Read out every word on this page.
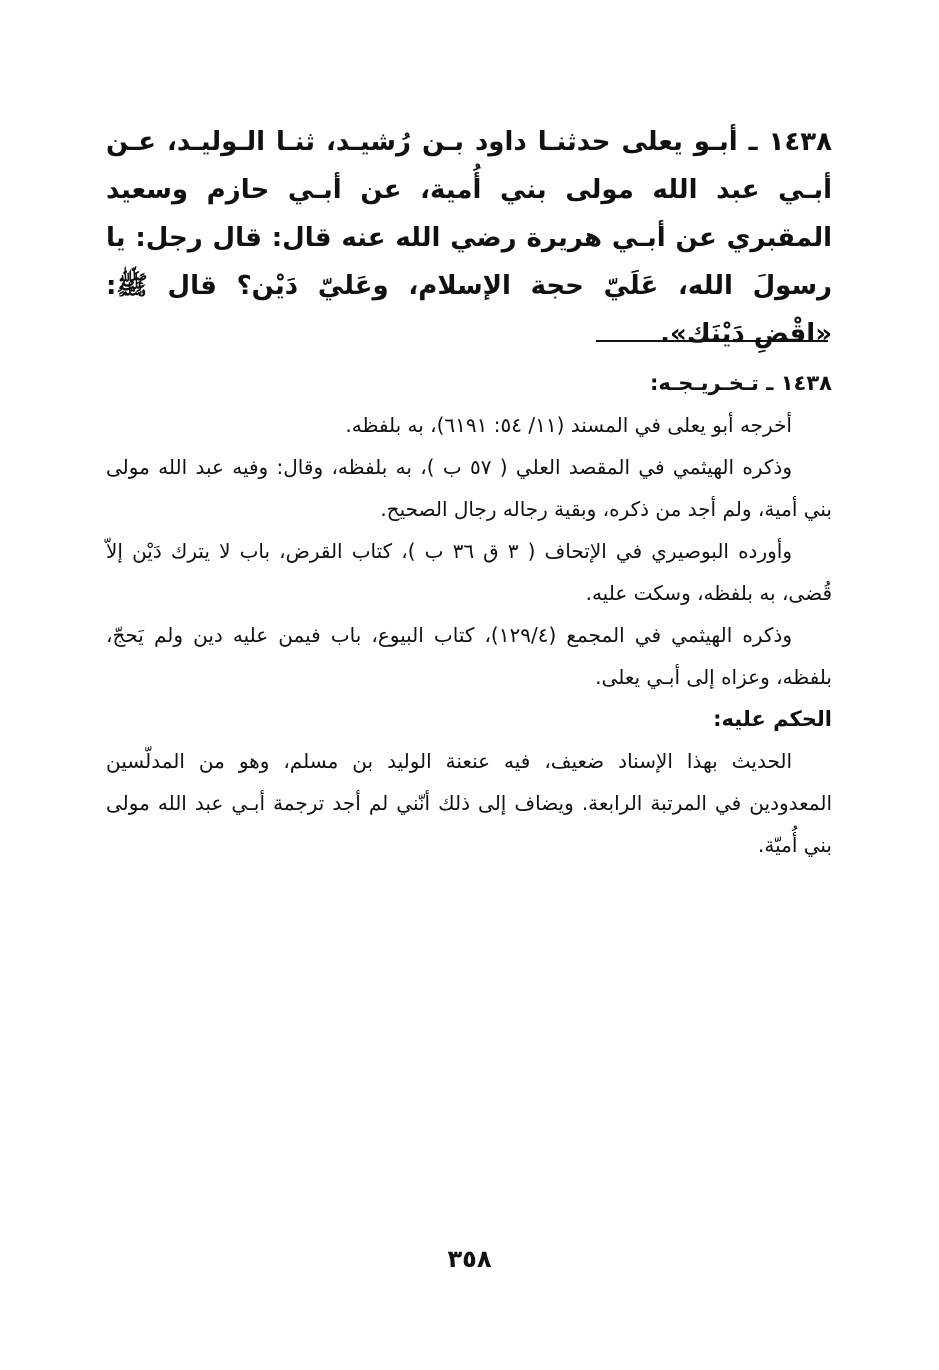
١٤٣٨ ـ أبـو يعلى حدثنـا داود بـن رُشيـد، ثنـا الـوليـد، عـن أبـي عبد الله مولى بني أُمية، عن أبـي حازم وسعيد المقبري عن أبـي هريرة رضي الله عنه قال: قال رجل: يا رسولَ الله، عَلَيّ حجة الإسلام، وعَليّ دَيْن؟ قال ﷺ: «اقْضِ دَيْنَك».

١٤٣٨ ـ تـخـريـجـه:

أخرجه أبو يعلى في المسند (١١/ ٥٤: ٦١٩١)، به بلفظه.

وذكره الهيثمي في المقصد العلي ( ٥٧ ب )، به بلفظه، وقال: وفيه عبد الله مولى بني أمية، ولم أجد من ذكره، وبقية رجاله رجال الصحيح.

وأورده البوصيري في الإتحاف ( ٣ ق ٣٦ ب )، كتاب القرض، باب لا يترك دَيْن إلاّ قُضى، به بلفظه، وسكت عليه.

وذكره الهيثمي في المجمع (١٢٩/٤)، كتاب البيوع، باب فيمن عليه دين ولم يَحجّ، بلفظه، وعزاه إلى أبـي يعلى.

الحكم عليه:

الحديث بهذا الإسناد ضعيف، فيه عنعنة الوليد بن مسلم، وهو من المدلّسين المعدودين في المرتبة الرابعة. ويضاف إلى ذلك أنّني لم أجد ترجمة أبـي عبد الله مولى بني أُميّة.

٣٥٨
